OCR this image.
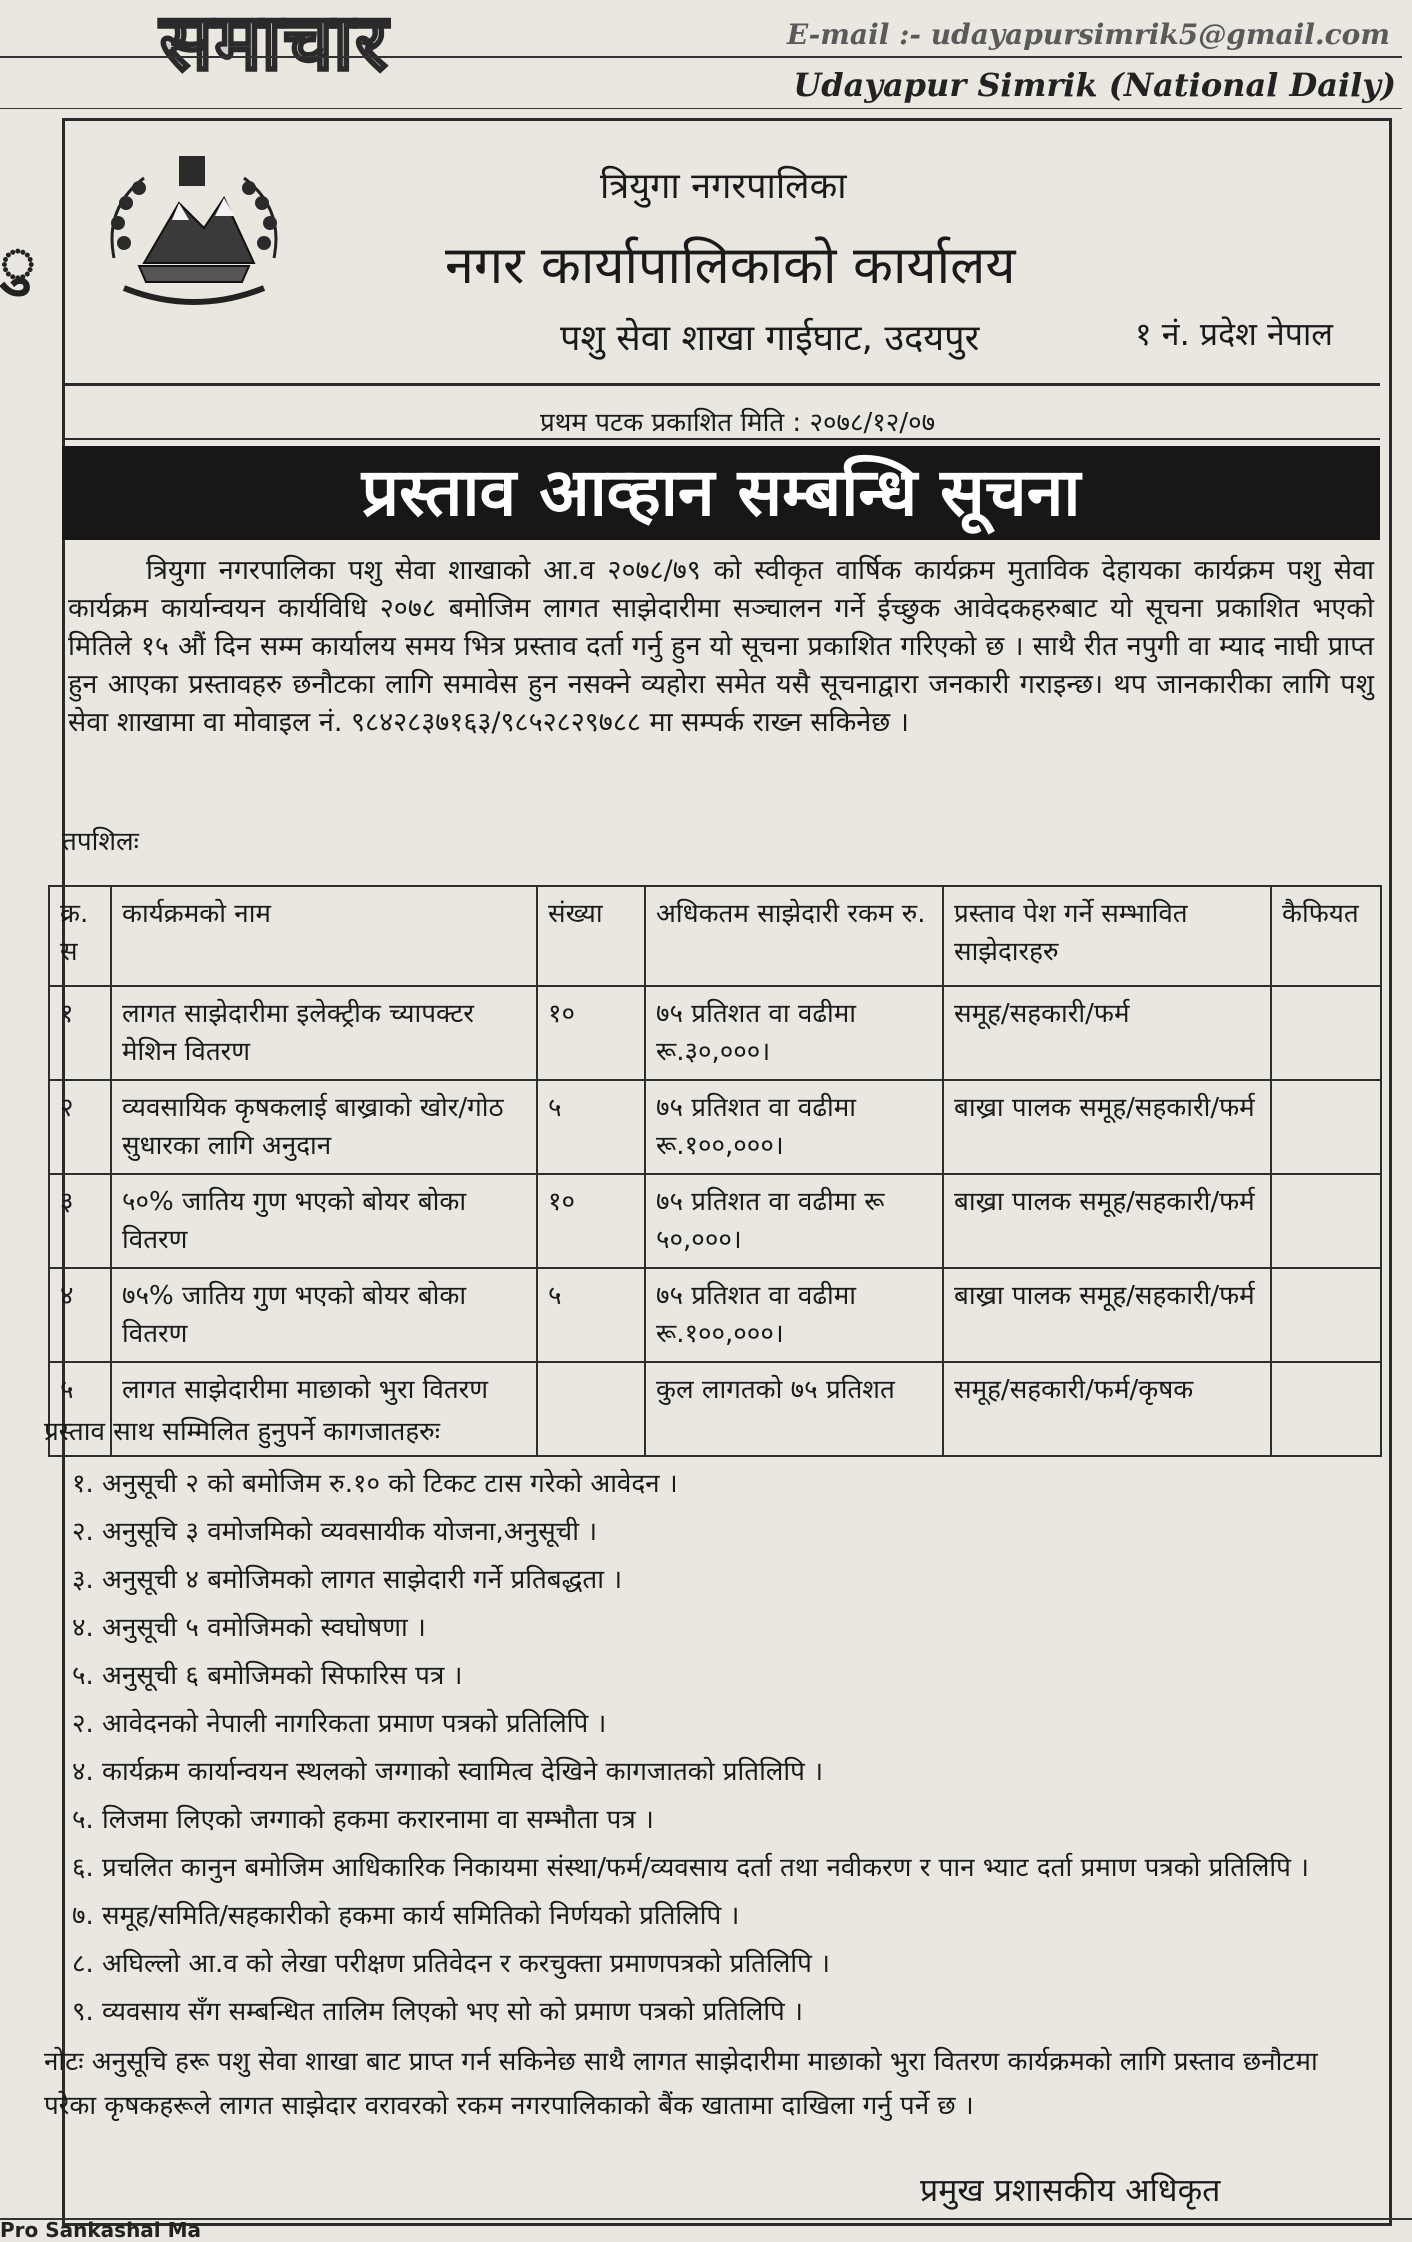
समाचार	E-mail :- udayapursimrik5@gmail.com
Udayapur Simrik (National Daily)
ु
त्रियुगा नगरपालिका
नगर कार्यापालिकाको कार्यालय
पशु सेवा शाखा गाईघाट, उदयपुर	१ नं. प्रदेश नेपाल
प्रथम पटक प्रकाशित मिति : २०७८/१२/०७
प्रस्ताव आव्हान सम्बन्धि सूचना
त्रियुगा नगरपालिका पशु सेवा शाखाको आ.व २०७८/७९ को स्वीकृत वार्षिक कार्यक्रम मुताविक देहायका कार्यक्रम पशु सेवा कार्यक्रम कार्यान्वयन कार्यविधि २०७८ बमोजिम लागत साझेदारीमा सञ्चालन गर्ने ईच्छुक आवेदकहरुबाट यो सूचना प्रकाशित भएको मितिले १५ औं दिन सम्म कार्यालय समय भित्र प्रस्ताव दर्ता गर्नु हुन यो सूचना प्रकाशित गरिएको छ । साथै रीत नपुगी वा म्याद नाघी प्राप्त हुन आएका प्रस्तावहरु छनौटका लागि समावेस हुन नसक्ने व्यहोरा समेत यसै सूचनाद्वारा जनकारी गराइन्छ। थप जानकारीका लागि पशु सेवा शाखामा वा मोवाइल नं. ९८४२८३७१६३/९८५२८२९७८८ मा सम्पर्क राख्न सकिनेछ ।
तपशिलः
क्र. स	कार्यक्रमको नाम	संख्या	अधिकतम साझेदारी रकम रु.	प्रस्ताव पेश गर्ने सम्भावित साझेदारहरु	कैफियत
१	लागत साझेदारीमा इलेक्ट्रीक च्यापक्टर मेशिन वितरण	१०	७५ प्रतिशत वा वढीमा रू.३०,०००।	समूह/सहकारी/फर्म	
२	व्यवसायिक कृषकलाई बाख्राको खोर/गोठ सुधारका लागि अनुदान	५	७५ प्रतिशत वा वढीमा रू.१००,०००।	बाख्रा पालक समूह/सहकारी/फर्म	
३	५०% जातिय गुण भएको बोयर बोका वितरण	१०	७५ प्रतिशत वा वढीमा रू ५०,०००।	बाख्रा पालक समूह/सहकारी/फर्म	
४	७५% जातिय गुण भएको बोयर बोका वितरण	५	७५ प्रतिशत वा वढीमा रू.१००,०००।	बाख्रा पालक समूह/सहकारी/फर्म	
५	लागत साझेदारीमा माछाको भुरा वितरण		कुल लागतको ७५ प्रतिशत	समूह/सहकारी/फर्म/कृषक	
प्रस्ताव साथ सम्मिलित हुनुपर्ने कागजातहरुः
१. अनुसूची २ को बमोजिम रु.१० को टिकट टास गरेको आवेदन ।
२. अनुसूचि ३ वमोजमिको व्यवसायीक योजना,अनुसूची ।
३. अनुसूची ४ बमोजिमको लागत साझेदारी गर्ने प्रतिबद्धता ।
४. अनुसूची ५ वमोजिमको स्वघोषणा ।
५. अनुसूची ६ बमोजिमको सिफारिस पत्र ।
२. आवेदनको नेपाली नागरिकता प्रमाण पत्रको प्रतिलिपि ।
४. कार्यक्रम कार्यान्वयन स्थलको जग्गाको स्वामित्व देखिने कागजातको प्रतिलिपि ।
५. लिजमा लिएको जग्गाको हकमा करारनामा वा सम्भौता पत्र ।
६. प्रचलित कानुन बमोजिम आधिकारिक निकायमा संस्था/फर्म/व्यवसाय दर्ता तथा नवीकरण र पान भ्याट दर्ता प्रमाण पत्रको प्रतिलिपि ।
७. समूह/समिति/सहकारीको हकमा कार्य समितिको निर्णयको प्रतिलिपि ।
८. अघिल्लो आ.व को लेखा परीक्षण प्रतिवेदन र करचुक्ता प्रमाणपत्रको प्रतिलिपि ।
९. व्यवसाय सँग सम्बन्धित तालिम लिएको भए सो को प्रमाण पत्रको प्रतिलिपि ।
नोटः अनुसूचि हरू पशु सेवा शाखा बाट प्राप्त गर्न सकिनेछ साथै लागत साझेदारीमा माछाको भुरा वितरण कार्यक्रमको लागि प्रस्ताव छनौटमा परेका कृषकहरूले लागत साझेदार वरावरको रकम नगरपालिकाको बैंक खातामा दाखिला गर्नु पर्ने छ ।
प्रमुख प्रशासकीय अधिकृत
Pro Sankashal Ma
